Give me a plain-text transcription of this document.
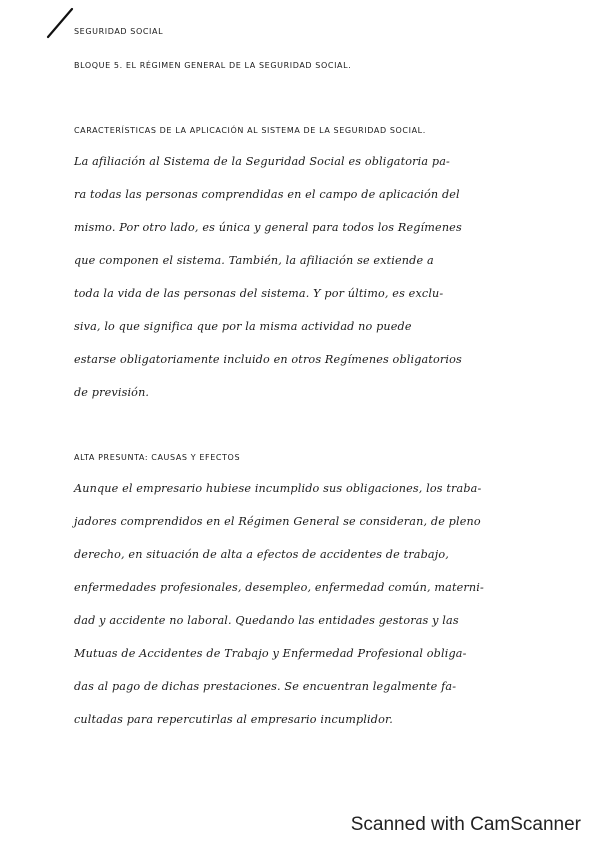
SEGURIDAD SOCIAL
BLOQUE 5. EL RÉGIMEN GENERAL DE LA SEGURIDAD SOCIAL.
CARACTERÍSTICAS DE LA APLICACIÓN AL SISTEMA DE LA SEGURIDAD SOCIAL.
La afiliación al Sistema de la Seguridad Social es obligatoria pa-
ra todas las personas comprendidas en el campo de aplicación del
mismo. Por otro lado, es única y general para todos los Regímenes
que componen el sistema. También, la afiliación se extiende a
toda la vida de las personas del sistema. Y por último, es exclu-
siva, lo que significa que por la misma actividad no puede
estarse obligatoriamente incluido en otros Regímenes obligatorios
de previsión.
ALTA PRESUNTA: CAUSAS Y EFECTOS
Aunque el empresario hubiese incumplido sus obligaciones, los traba-
jadores comprendidos en el Régimen General se consideran, de pleno
derecho, en situación de alta a efectos de accidentes de trabajo,
enfermedades profesionales, desempleo, enfermedad común, materni-
dad y accidente no laboral. Quedando las entidades gestoras y las
Mutuas de Accidentes de Trabajo y Enfermedad Profesional obliga-
das al pago de dichas prestaciones. Se encuentran legalmente fa-
cultadas para repercutirlas al empresario incumplidor.
Scanned with CamScanner
